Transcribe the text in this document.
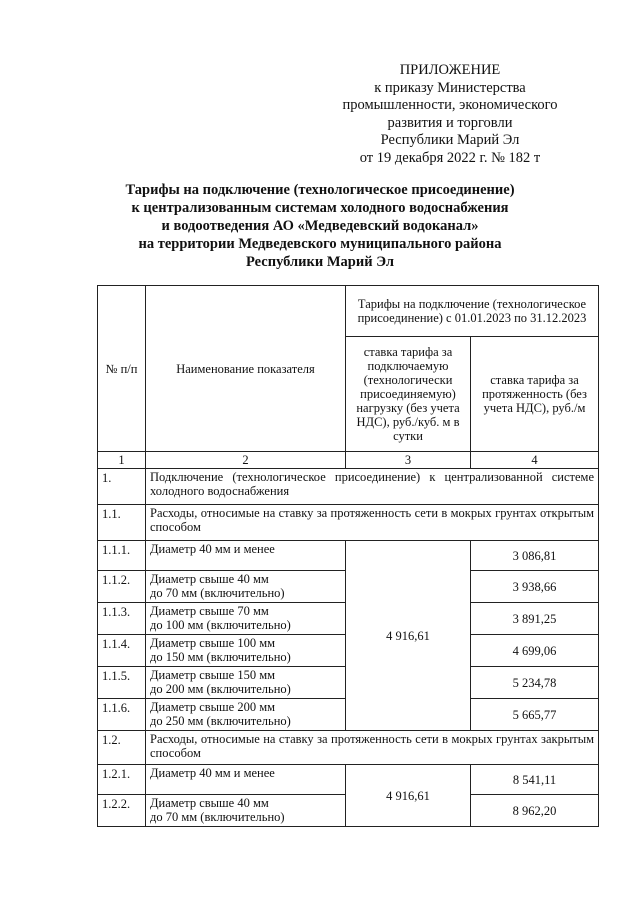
ПРИЛОЖЕНИЕ
к приказу Министерства
промышленности, экономического
развития и торговли
Республики Марий Эл
от 19 декабря 2022 г. № 182 т
Тарифы на подключение (технологическое присоединение)
к централизованным системам холодного водоснабжения
и водоотведения АО «Медведевский водоканал»
на территории Медведевского муниципального района
Республики Марий Эл
№ п/п	Наименование показателя	Тарифы на подключение (технологическое присоединение) с 01.01.2023 по 31.12.2023	
		ставка тарифа за подключаемую (технологически присоединяемую) нагрузку (без учета НДС), руб./куб. м в сутки	ставка тарифа за протяженность (без учета НДС), руб./м
1	2	3	4
1.	Подключение (технологическое присоединение) к централизованной системе холодного водоснабжения		
1.1.	Расходы, относимые на ставку за протяженность сети в мокрых грунтах открытым способом		
1.1.1.	Диаметр 40 мм и менее	4 916,61	3 086,81
1.1.2.	Диаметр свыше 40 мм
до 70 мм (включительно)		3 938,66
1.1.3.	Диаметр свыше 70 мм
до 100 мм (включительно)		3 891,25
1.1.4.	Диаметр свыше 100 мм
до 150 мм (включительно)		4 699,06
1.1.5.	Диаметр свыше 150 мм
до 200 мм (включительно)		5 234,78
1.1.6.	Диаметр свыше 200 мм
до 250 мм (включительно)		5 665,77
1.2.	Расходы, относимые на ставку за протяженность сети в мокрых грунтах закрытым способом		
1.2.1.	Диаметр 40 мм и менее	4 916,61	8 541,11
1.2.2.	Диаметр свыше 40 мм
до 70 мм (включительно)		8 962,20
